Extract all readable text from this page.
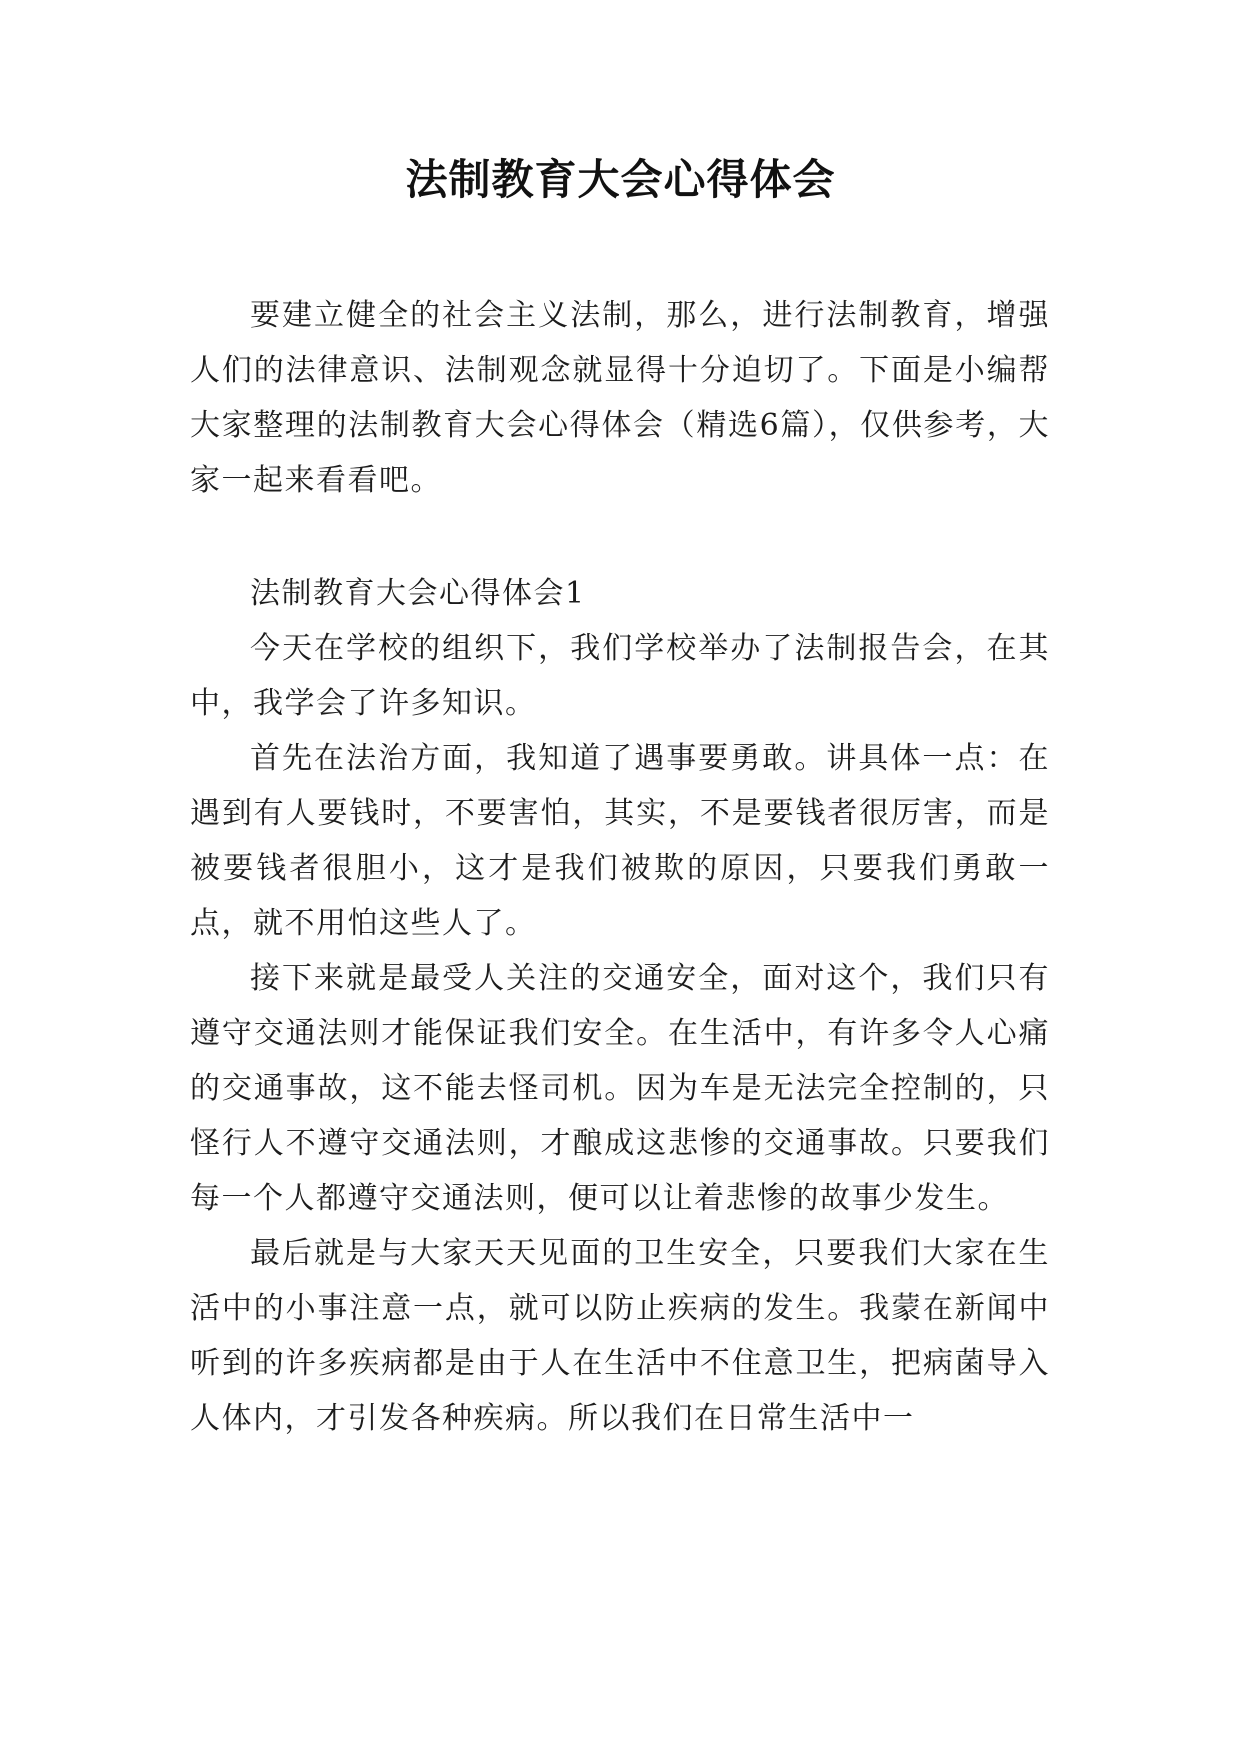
法制教育大会心得体会

要建立健全的社会主义法制，那么，进行法制教育，增强人们的法律意识、法制观念就显得十分迫切了。下面是小编帮大家整理的法制教育大会心得体会（精选6篇），仅供参考，大家一起来看看吧。

法制教育大会心得体会1

今天在学校的组织下，我们学校举办了法制报告会，在其中，我学会了许多知识。

首先在法治方面，我知道了遇事要勇敢。讲具体一点：在遇到有人要钱时，不要害怕，其实，不是要钱者很厉害，而是被要钱者很胆小，这才是我们被欺的原因，只要我们勇敢一点，就不用怕这些人了。

接下来就是最受人关注的交通安全，面对这个，我们只有遵守交通法则才能保证我们安全。在生活中，有许多令人心痛的交通事故，这不能去怪司机。因为车是无法完全控制的，只怪行人不遵守交通法则，才酿成这悲惨的交通事故。只要我们每一个人都遵守交通法则，便可以让着悲惨的故事少发生。

最后就是与大家天天见面的卫生安全，只要我们大家在生活中的小事注意一点，就可以防止疾病的发生。我蒙在新闻中听到的许多疾病都是由于人在生活中不住意卫生，把病菌导入人体内，才引发各种疾病。所以我们在日常生活中一
